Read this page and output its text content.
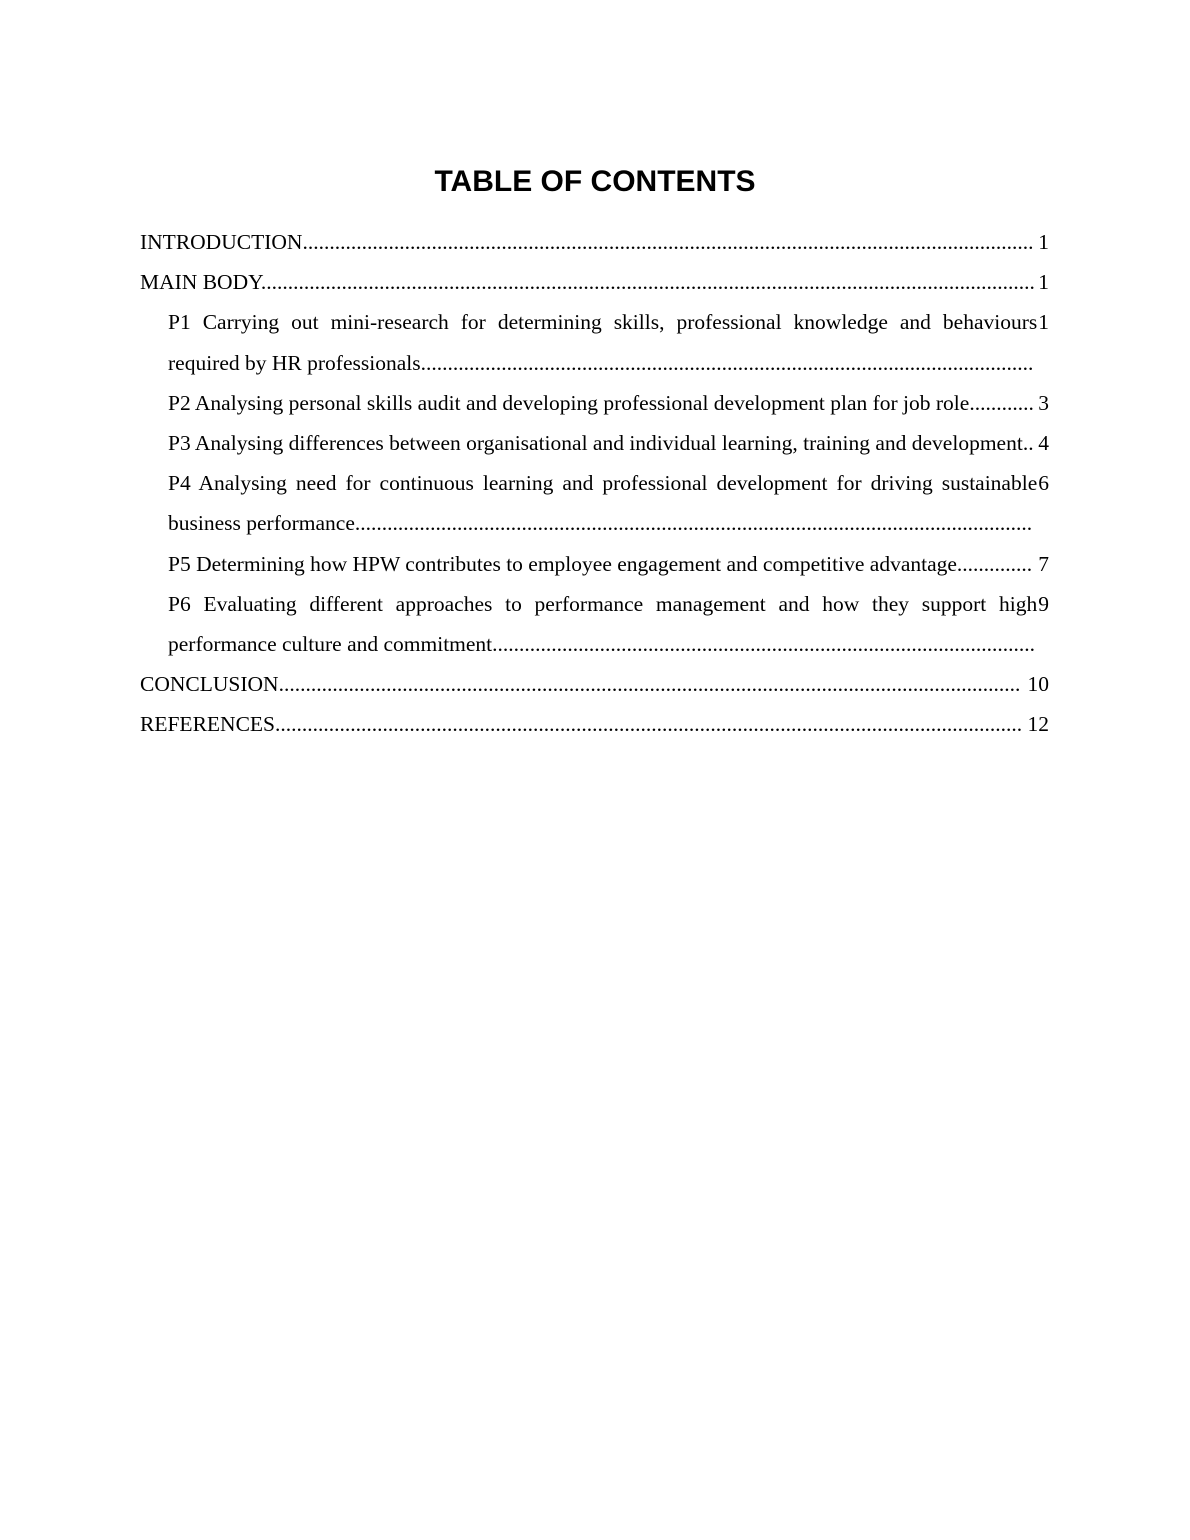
TABLE OF CONTENTS
1
INTRODUCTION........................................................................................................................................
1
MAIN BODY................................................................................................................................................
1
P1 Carrying out mini-research for determining skills, professional knowledge and behaviours required by HR professionals..................................................................................................................
3
P2 Analysing personal skills audit and developing professional development plan for job role............
4
P3 Analysing differences between organisational and individual learning, training and development..
6
P4 Analysing need for continuous learning and professional development for driving sustainable business performance..............................................................................................................................
7
P5 Determining how HPW contributes to employee engagement and competitive advantage..............
9
P6 Evaluating different approaches to performance management and how they support high performance culture and commitment.....................................................................................................
10
CONCLUSION..........................................................................................................................................
12
REFERENCES...........................................................................................................................................
